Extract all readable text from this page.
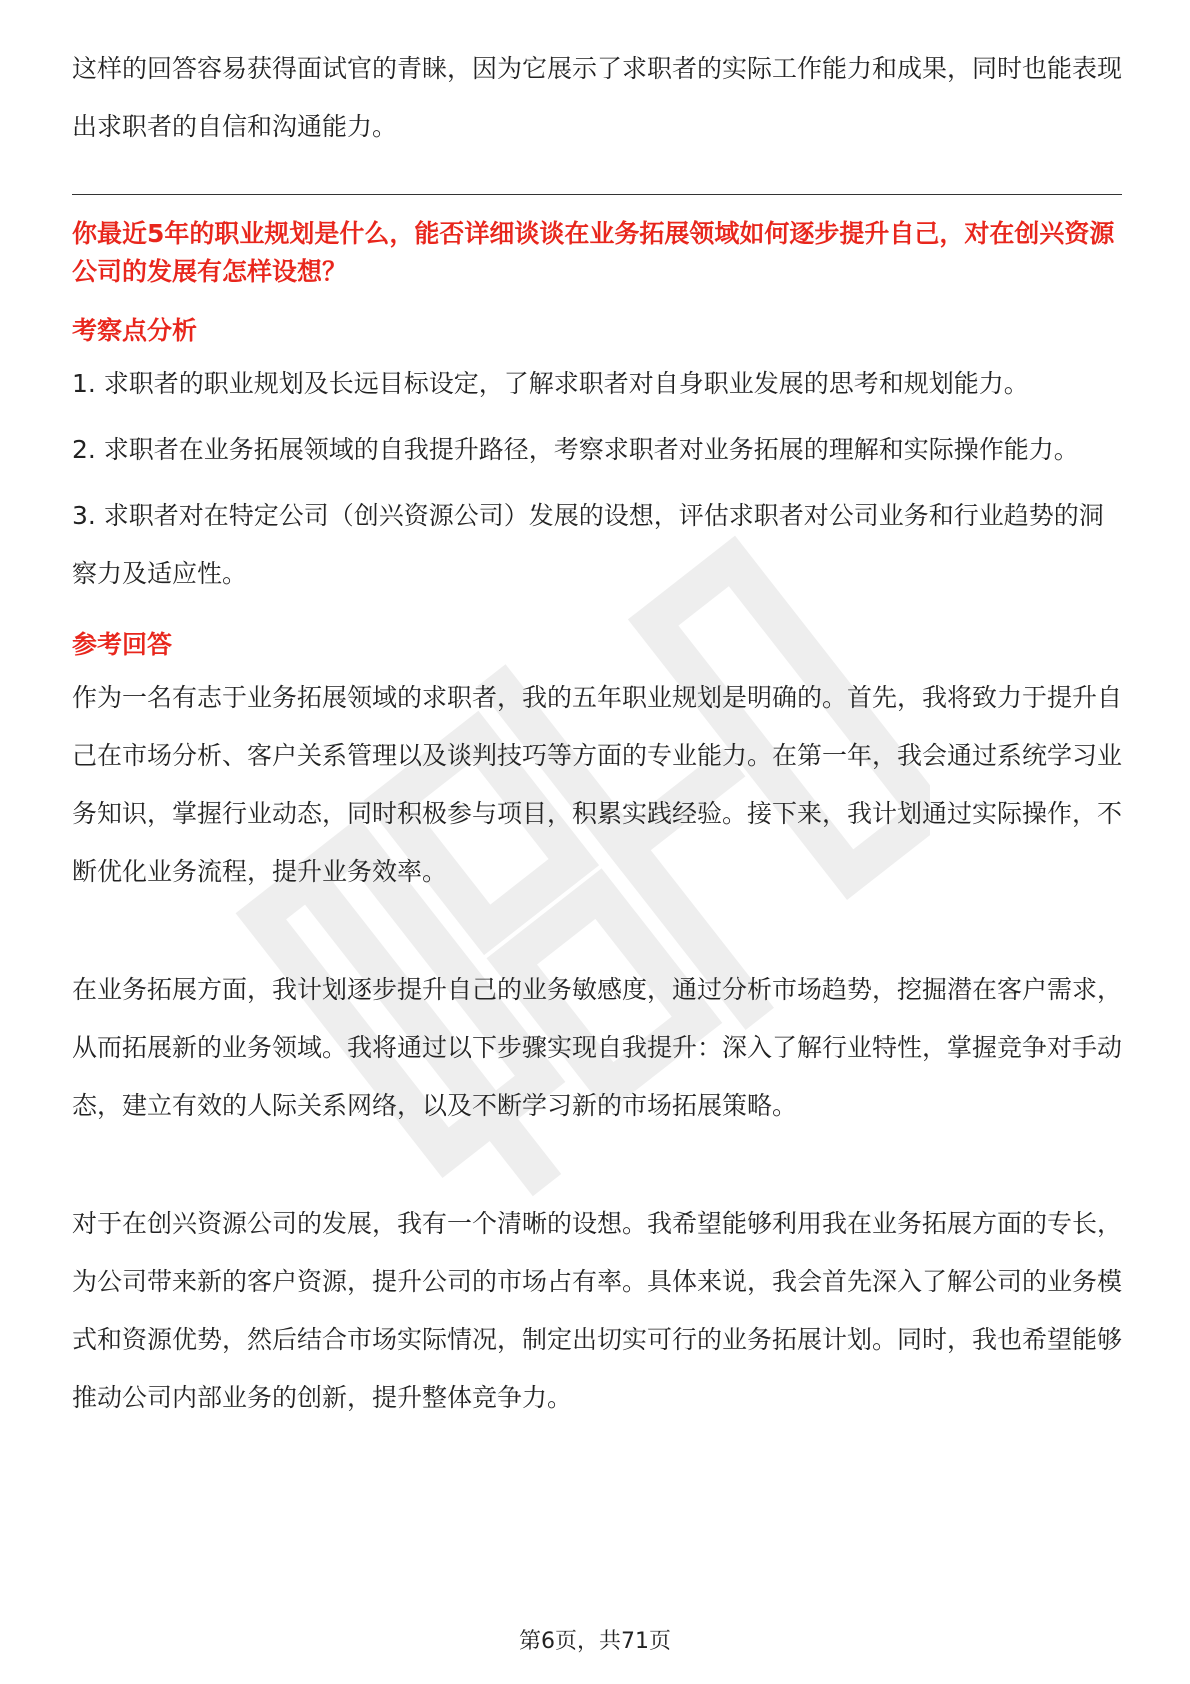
这样的回答容易获得面试官的青睐，因为它展示了求职者的实际工作能力和成果，同时也能表现出求职者的自信和沟通能力。

你最近5年的职业规划是什么，能否详细谈谈在业务拓展领域如何逐步提升自己，对在创兴资源公司的发展有怎样设想？

考察点分析

1. 求职者的职业规划及长远目标设定，了解求职者对自身职业发展的思考和规划能力。

2. 求职者在业务拓展领域的自我提升路径，考察求职者对业务拓展的理解和实际操作能力。

3. 求职者对在特定公司（创兴资源公司）发展的设想，评估求职者对公司业务和行业趋势的洞察力及适应性。

参考回答

作为一名有志于业务拓展领域的求职者，我的五年职业规划是明确的。首先，我将致力于提升自己在市场分析、客户关系管理以及谈判技巧等方面的专业能力。在第一年，我会通过系统学习业务知识，掌握行业动态，同时积极参与项目，积累实践经验。接下来，我计划通过实际操作，不断优化业务流程，提升业务效率。

在业务拓展方面，我计划逐步提升自己的业务敏感度，通过分析市场趋势，挖掘潜在客户需求，从而拓展新的业务领域。我将通过以下步骤实现自我提升：深入了解行业特性，掌握竞争对手动态，建立有效的人际关系网络，以及不断学习新的市场拓展策略。

对于在创兴资源公司的发展，我有一个清晰的设想。我希望能够利用我在业务拓展方面的专长，为公司带来新的客户资源，提升公司的市场占有率。具体来说，我会首先深入了解公司的业务模式和资源优势，然后结合市场实际情况，制定出切实可行的业务拓展计划。同时，我也希望能够推动公司内部业务的创新，提升整体竞争力。

第6页，共71页
